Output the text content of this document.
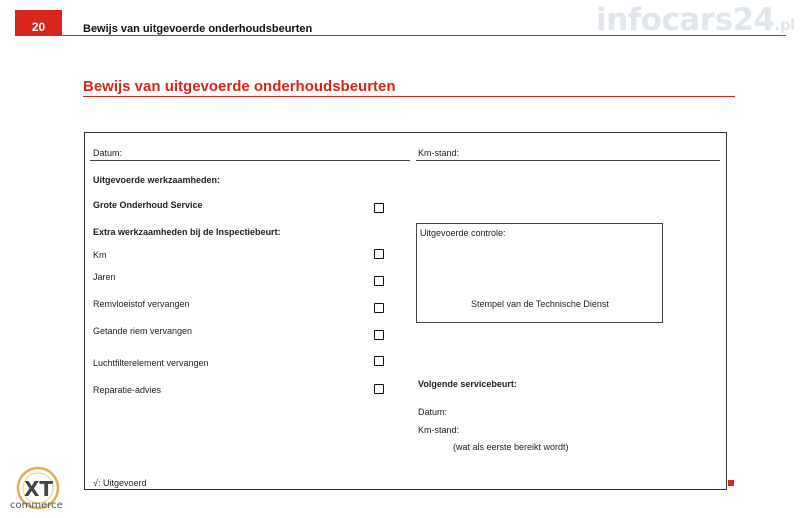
20	Bewijs van uitgevoerde onderhoudsbeurten	infocars24.pl
Bewijs van uitgevoerde onderhoudsbeurten
Datum:	Km-stand:
Uitgevoerde werkzaamheden:
Grote Onderhoud Service
Extra werkzaamheden bij de Inspectiebeurt:
Km
Jaren
Remvloeistof vervangen
Getande riem vervangen
Luchtfilterelement vervangen
Reparatie-advies
Uitgevoerde controle:
Stempel van de Technische Dienst
Volgende servicebeurt:
Datum:
Km-stand:
(wat als eerste bereikt wordt)
√: Uitgevoerd
XT
commerce
